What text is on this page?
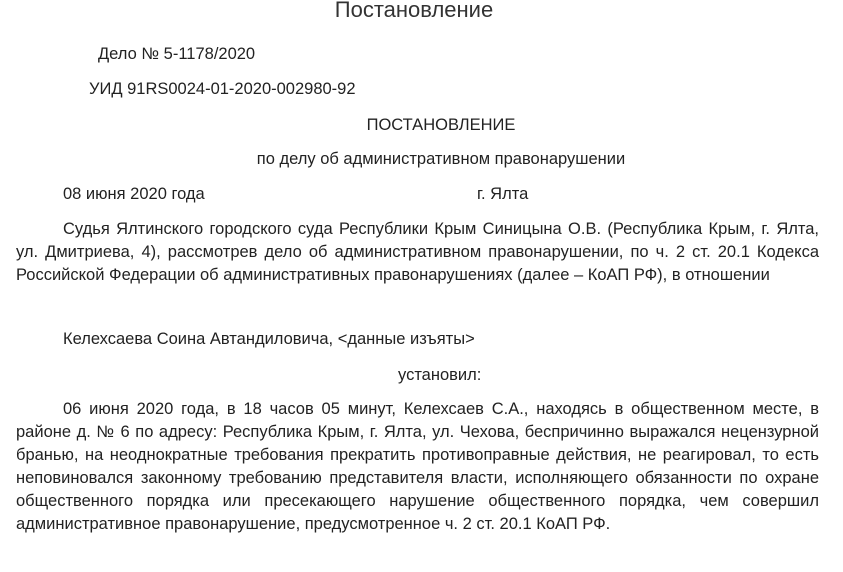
Постановление
Дело № 5-1178/2020
УИД 91RS0024-01-2020-002980-92
ПОСТАНОВЛЕНИЕ
по делу об административном правонарушении
08 июня 2020 года	г. Ялта

Судья Ялтинского городского суда Республики Крым Синицына О.В. (Республика Крым, г. Ялта, ул. Дмитриева, 4), рассмотрев дело об административном правонарушении, по ч. 2 ст. 20.1 Кодекса Российской Федерации об административных правонарушениях (далее – КоАП РФ), в отношении

Келехсаева Соина Автандиловича, <данные изъяты>
установил:

06 июня 2020 года, в 18 часов 05 минут, Келехсаев С.А., находясь в общественном месте, в районе д. № 6 по адресу: Республика Крым, г. Ялта, ул. Чехова, беспричинно выражался нецензурной бранью, на неоднократные требования прекратить противоправные действия, не реагировал, то есть неповиновался законному требованию представителя власти, исполняющего обязанности по охране общественного порядка или пресекающего нарушение общественного порядка, чем совершил административное правонарушение, предусмотренное ч. 2 ст. 20.1 КоАП РФ.
